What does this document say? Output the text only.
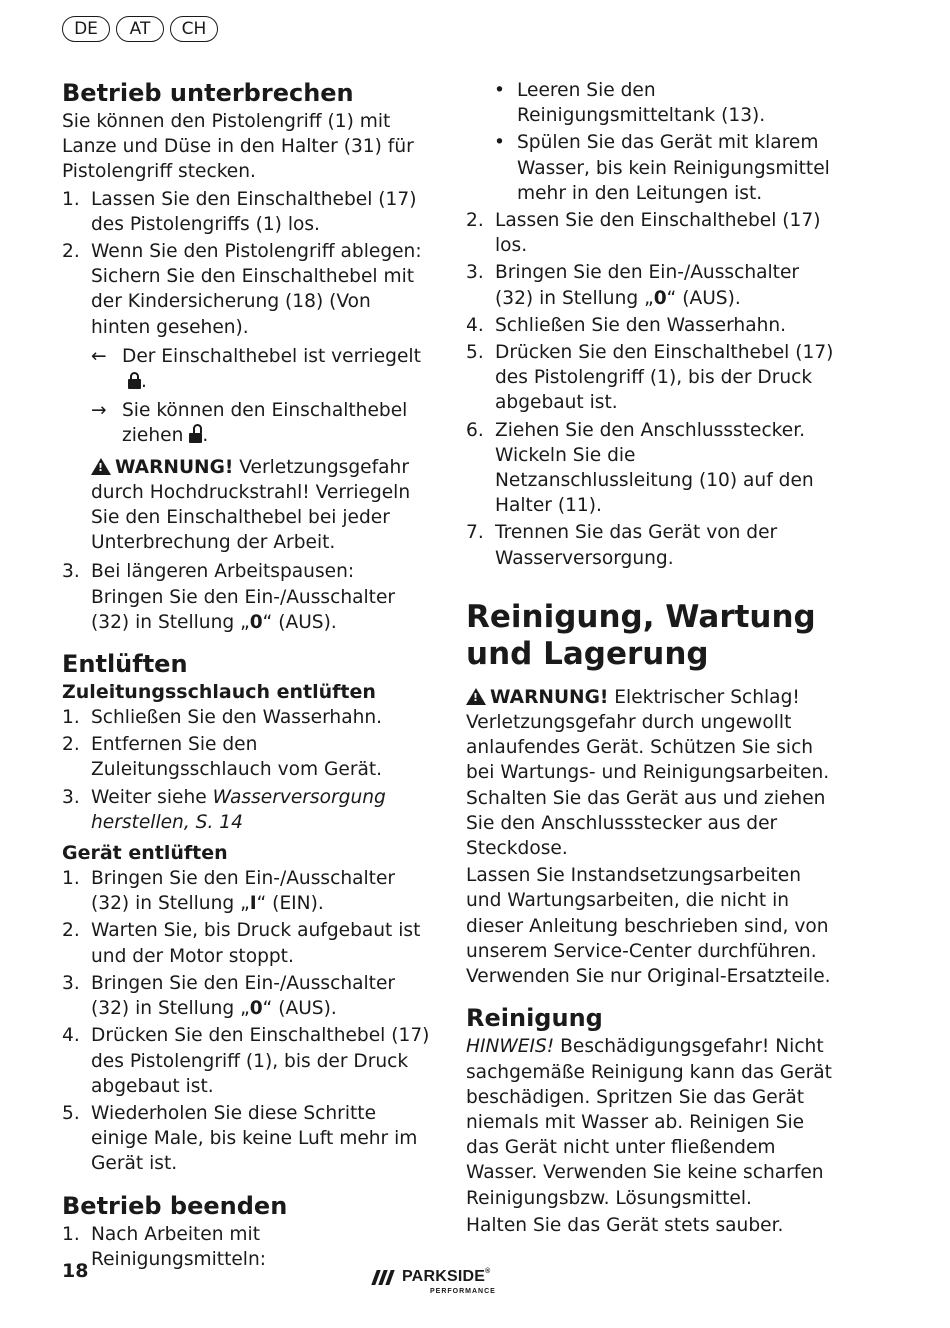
DE	AT	CH
Betrieb unterbrechen

Sie können den Pistolengriff (1) mit Lanze und Düse in den Halter (31) für Pistolengriff stecken.

1. Lassen Sie den Einschalthebel (17) des Pistolengriffs (1) los.
2. Wenn Sie den Pistolengriff ablegen: Sichern Sie den Einschalthebel mit der Kindersicherung (18) (Von hinten gesehen).
← Der Einschalthebel ist verriegelt
.
→ Sie können den Einschalthebel ziehen .

!WARNUNG! Verletzungsgefahr durch Hochdruckstrahl! Verriegeln Sie den Einschalthebel bei jeder Unterbrechung der Arbeit.

3. Bei längeren Arbeitspausen: Bringen Sie den Ein-/Ausschalter (32) in Stellung „0“ (AUS).
Entlüften
Zuleitungsschlauch entlüften
1. Schließen Sie den Wasserhahn.
2. Entfernen Sie den Zuleitungsschlauch vom Gerät.
3. Weiter siehe Wasserversorgung herstellen, S. 14
Gerät entlüften
1. Bringen Sie den Ein-/Ausschalter (32) in Stellung „I“ (EIN).
2. Warten Sie, bis Druck aufgebaut ist und der Motor stoppt.
3. Bringen Sie den Ein-/Ausschalter (32) in Stellung „0“ (AUS).
4. Drücken Sie den Einschalthebel (17) des Pistolengriff (1), bis der Druck abgebaut ist.
5. Wiederholen Sie diese Schritte einige Male, bis keine Luft mehr im Gerät ist.
Betrieb beenden
1. Nach Arbeiten mit Reinigungsmitteln:
• Leeren Sie den Reinigungsmitteltank (13).
• Spülen Sie das Gerät mit klarem Wasser, bis kein Reinigungsmittel mehr in den Leitungen ist.
2. Lassen Sie den Einschalthebel (17) los.
3. Bringen Sie den Ein-/Ausschalter (32) in Stellung „0“ (AUS).
4. Schließen Sie den Wasserhahn.
5. Drücken Sie den Einschalthebel (17) des Pistolengriff (1), bis der Druck abgebaut ist.
6. Ziehen Sie den Anschlussstecker. Wickeln Sie die Netzanschlussleitung (10) auf den Halter (11).
7. Trennen Sie das Gerät von der Wasserversorgung.
Reinigung, Wartung und Lagerung

!WARNUNG! Elektrischer Schlag! Verletzungsgefahr durch ungewollt anlaufendes Gerät. Schützen Sie sich bei Wartungs- und Reinigungsarbeiten. Schalten Sie das Gerät aus und ziehen Sie den Anschlussstecker aus der Steckdose.

Lassen Sie Instandsetzungsarbeiten und Wartungsarbeiten, die nicht in dieser Anleitung beschrieben sind, von unserem Service-Center durchführen. Verwenden Sie nur Original-Ersatzteile.

Reinigung

HINWEIS! Beschädigungsgefahr! Nicht sachgemäße Reinigung kann das Gerät beschädigen. Spritzen Sie das Gerät niemals mit Wasser ab. Reinigen Sie das Gerät nicht unter fließendem Wasser. Verwenden Sie keine scharfen Reinigungsbzw. Lösungsmittel.

Halten Sie das Gerät stets sauber.

18	PARKSIDE®
PERFORMANCE
